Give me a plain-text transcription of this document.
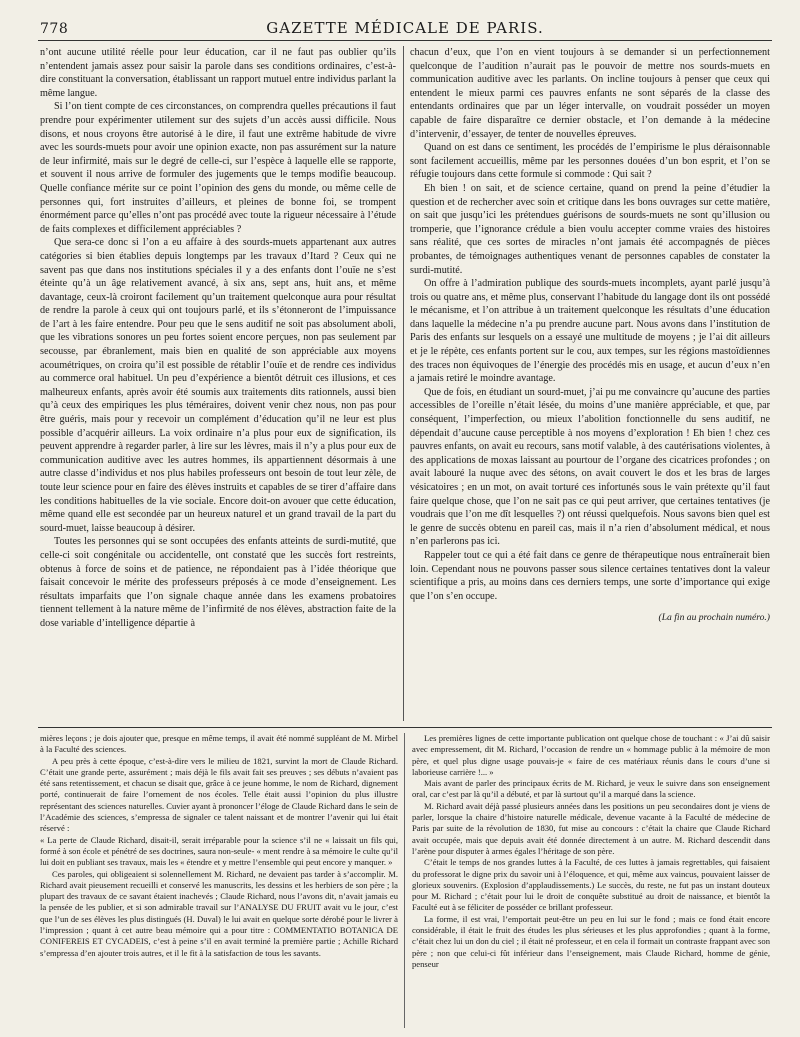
778	GAZETTE MÉDICALE DE PARIS.

n’ont aucune utilité réelle pour leur éducation, car il ne faut pas oublier qu’ils n’entendent jamais assez pour saisir la parole dans ses conditions ordinaires, c’est-à-dire constituant la conversation, établissant un rapport mutuel entre individus parlant la même langue.

Si l’on tient compte de ces circonstances, on comprendra quelles précautions il faut prendre pour expérimenter utilement sur des sujets d’un accès aussi difficile. Nous disons, et nous croyons être autorisé à le dire, il faut une extrême habitude de vivre avec les sourds-muets pour avoir une opinion exacte, non pas assurément sur la nature de leur infirmité, mais sur le degré de celle-ci, sur l’espèce à laquelle elle se rapporte, et souvent il nous arrive de formuler des jugements que le temps modifie beaucoup. Quelle confiance mérite sur ce point l’opinion des gens du monde, ou même celle de personnes qui, fort instruites d’ailleurs, et pleines de bonne foi, se trompent énormément parce qu’elles n’ont pas procédé avec toute la rigueur nécessaire à l’étude de faits complexes et difficilement appréciables ?

Que sera-ce donc si l’on a eu affaire à des sourds-muets appartenant aux autres catégories si bien établies depuis longtemps par les travaux d’Itard ? Ceux qui ne savent pas que dans nos institutions spéciales il y a des enfants dont l’ouïe ne s’est éteinte qu’à un âge relativement avancé, à six ans, sept ans, huit ans, et même davantage, ceux-là croiront facilement qu’un traitement quelconque aura pour résultat de rendre la parole à ceux qui ont toujours parlé, et ils s’étonneront de l’impuissance de l’art à les faire entendre. Pour peu que le sens auditif ne soit pas absolument aboli, que les vibrations sonores un peu fortes soient encore perçues, non pas seulement par secousse, par ébranlement, mais bien en qualité de son appréciable aux moyens acoumétriques, on croira qu’il est possible de rétablir l’ouïe et de rendre ces individus au commerce oral habituel. Un peu d’expérience a bientôt détruit ces illusions, et ces malheureux enfants, après avoir été soumis aux traitements dits rationnels, aussi bien qu’à ceux des empiriques les plus téméraires, doivent venir chez nous, non pas pour être guéris, mais pour y recevoir un complément d’éducation qu’il ne leur est plus possible d’acquérir ailleurs. La voix ordinaire n’a plus pour eux de signification, ils peuvent apprendre à regarder parler, à lire sur les lèvres, mais il n’y a plus pour eux de communication auditive avec les autres hommes, ils appartiennent désormais à une autre classe d’individus et nos plus habiles professeurs ont besoin de tout leur zèle, de toute leur science pour en faire des élèves instruits et capables de se tirer d’affaire dans les conditions habituelles de la vie sociale. Encore doit-on avouer que cette éducation, même quand elle est secondée par un heureux naturel et un grand travail de la part du sourd-muet, laisse beaucoup à désirer.

Toutes les personnes qui se sont occupées des enfants atteints de surdi-mutité, que celle-ci soit congénitale ou accidentelle, ont constaté que les succès fort restreints, obtenus à force de soins et de patience, ne répondaient pas à l’idée théorique que faisait concevoir le mérite des professeurs préposés à ce mode d’enseignement. Les résultats imparfaits que l’on signale chaque année dans les examens probatoires tiennent tellement à la nature même de l’infirmité de nos élèves, abstraction faite de la dose variable d’intelligence départie à

chacun d’eux, que l’on en vient toujours à se demander si un perfectionnement quelconque de l’audition n’aurait pas le pouvoir de mettre nos sourds-muets en communication auditive avec les parlants. On incline toujours à penser que ceux qui entendent le mieux parmi ces pauvres enfants ne sont séparés de la classe des entendants ordinaires que par un léger intervalle, on voudrait posséder un moyen capable de faire disparaître ce dernier obstacle, et l’on demande à la médecine d’intervenir, d’essayer, de tenter de nouvelles épreuves.

Quand on est dans ce sentiment, les procédés de l’empirisme le plus déraisonnable sont facilement accueillis, même par les personnes douées d’un bon esprit, et l’on se réfugie toujours dans cette formule si commode : Qui sait ?

Eh bien ! on sait, et de science certaine, quand on prend la peine d’étudier la question et de rechercher avec soin et critique dans les bons ouvrages sur cette matière, on sait que jusqu’ici les prétendues guérisons de sourds-muets ne sont qu’illusion ou tromperie, que l’ignorance crédule a bien voulu accepter comme vraies des histoires sans réalité, que ces sortes de miracles n’ont jamais été accompagnés de pièces probantes, de témoignages authentiques venant de personnes capables de constater la surdi-mutité.

On offre à l’admiration publique des sourds-muets incomplets, ayant parlé jusqu’à trois ou quatre ans, et même plus, conservant l’habitude du langage dont ils ont possédé le mécanisme, et l’on attribue à un traitement quelconque les résultats d’une éducation dans laquelle la médecine n’a pu prendre aucune part. Nous avons dans l’institution de Paris des enfants sur lesquels on a essayé une multitude de moyens ; je l’ai dit ailleurs et je le répète, ces enfants portent sur le cou, aux tempes, sur les régions mastoïdiennes des traces non équivoques de l’énergie des procédés mis en usage, et aucun d’eux n’en a jamais retiré le moindre avantage.

Que de fois, en étudiant un sourd-muet, j’ai pu me convaincre qu’aucune des parties accessibles de l’oreille n’était lésée, du moins d’une manière appréciable, et que, par conséquent, l’imperfection, ou mieux l’abolition fonctionnelle du sens auditif, ne dépendait d’aucune cause perceptible à nos moyens d’exploration ! Eh bien ! chez ces pauvres enfants, on avait eu recours, sans motif valable, à des cautérisations violentes, à des applications de moxas laissant au pourtour de l’organe des cicatrices profondes ; on avait labouré la nuque avec des sétons, on avait couvert le dos et les bras de larges vésicatoires ; en un mot, on avait torturé ces infortunés sous le vain prétexte qu’il faut faire quelque chose, que l’on ne sait pas ce qui peut arriver, que certaines tentatives (je voudrais que l’on me dît lesquelles ?) ont réussi quelquefois. Nous savons bien quel est le genre de succès obtenu en pareil cas, mais il n’a rien d’absolument médical, et nous n’en parlerons pas ici.

Rappeler tout ce qui a été fait dans ce genre de thérapeutique nous entraînerait bien loin. Cependant nous ne pouvons passer sous silence certaines tentatives dont la valeur scientifique a pris, au moins dans ces derniers temps, une sorte d’importance qui exige que l’on s’en occupe.

(La fin au prochain numéro.)

mières leçons ; je dois ajouter que, presque en même temps, il avait été nommé suppléant de M. Mirbel à la Faculté des sciences.

A peu près à cette époque, c’est-à-dire vers le milieu de 1821, survint la mort de Claude Richard. C’était une grande perte, assurément ; mais déjà le fils avait fait ses preuves ; ses débuts n’avaient pas été sans retentissement, et chacun se disait que, grâce à ce jeune homme, le nom de Richard, dignement porté, continuerait de faire l’ornement de nos écoles. Telle était aussi l’opinion du plus illustre représentant des sciences naturelles. Cuvier ayant à prononcer l’éloge de Claude Richard dans le sein de l’Académie des sciences, s’empressa de signaler ce talent naissant et de montrer l’avenir qui lui était réservé :

« La perte de Claude Richard, disait-il, serait irréparable pour la science s’il ne « laissait un fils qui, formé à son école et pénétré de ses doctrines, saura non-seule- « ment rendre à sa mémoire le culte qu’il lui doit en publiant ses travaux, mais les « étendre et y mettre l’ensemble qui peut encore y manquer. »

Ces paroles, qui obligeaient si solennellement M. Richard, ne devaient pas tarder à s’accomplir. M. Richard avait pieusement recueilli et conservé les manuscrits, les dessins et les herbiers de son père ; la plupart des travaux de ce savant étaient inachevés ; Claude Richard, nous l’avons dit, n’avait jamais eu la pensée de les publier, et si son admirable travail sur l’ANALYSE DU FRUIT avait vu le jour, c’est que l’un de ses élèves les plus distingués (H. Duval) le lui avait en quelque sorte dérobé pour le livrer à l’impression ; quant à cet autre beau mémoire qui a pour titre : COMMENTATIO BOTANICA DE CONIFEREIS ET CYCADEIS, c’est à peine s’il en avait terminé la première partie ; Achille Richard s’empressa d’en ajouter trois autres, et il le fit à la satisfaction de tous les savants.

Les premières lignes de cette importante publication ont quelque chose de touchant : « J’ai dû saisir avec empressement, dit M. Richard, l’occasion de rendre un « hommage public à la mémoire de mon père, et quel plus digne usage pouvais-je « faire de ces matériaux réunis dans le cours d’une si laborieuse carrière !... »

Mais avant de parler des principaux écrits de M. Richard, je veux le suivre dans son enseignement oral, car c’est par là qu’il a débuté, et par là surtout qu’il a marqué dans la science.

M. Richard avait déjà passé plusieurs années dans les positions un peu secondaires dont je viens de parler, lorsque la chaire d’histoire naturelle médicale, devenue vacante à la Faculté de médecine de Paris par suite de la révolution de 1830, fut mise au concours : c’était la chaire que Claude Richard avait occupée, mais que depuis avait été donnée directement à un autre. M. Richard descendit dans l’arène pour disputer à armes égales l’héritage de son père.

C’était le temps de nos grandes luttes à la Faculté, de ces luttes à jamais regrettables, qui faisaient du professorat le digne prix du savoir uni à l’éloquence, et qui, même aux vaincus, pouvaient laisser de glorieux souvenirs. (Explosion d’applaudissements.) Le succès, du reste, ne fut pas un instant douteux pour M. Richard ; c’était pour lui le droit de conquête substitué au droit de naissance, et bientôt la Faculté eut à se féliciter de posséder ce brillant professeur.

La forme, il est vrai, l’emportait peut-être un peu en lui sur le fond ; mais ce fond était encore considérable, il était le fruit des études les plus sérieuses et les plus approfondies ; quant à la forme, c’était chez lui un don du ciel ; il était né professeur, et en cela il formait un contraste frappant avec son père ; non que celui-ci fût inférieur dans l’enseignement, mais Claude Richard, homme de génie, penseur
